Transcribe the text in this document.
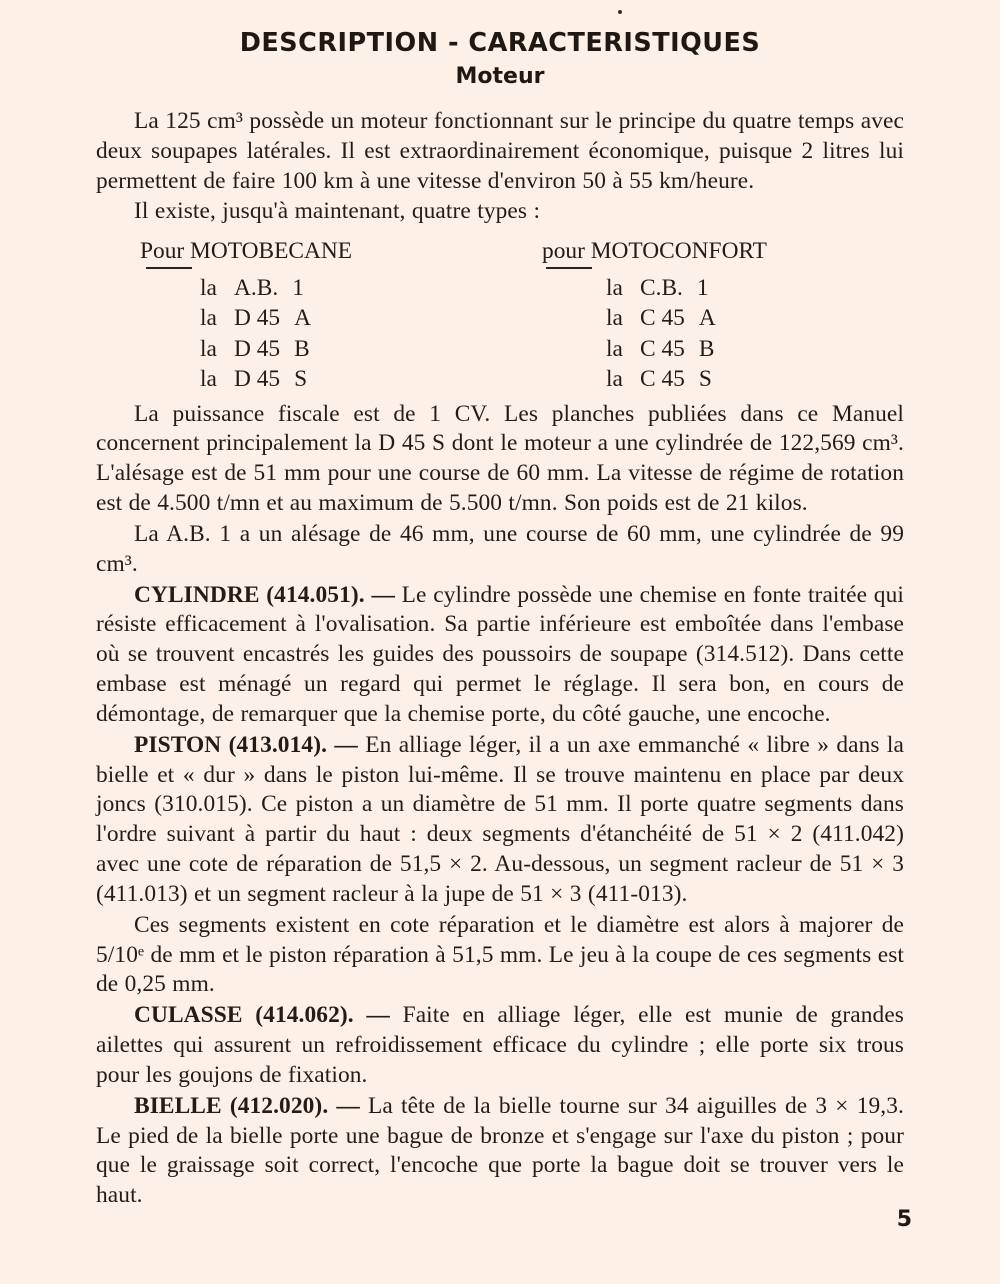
DESCRIPTION - CARACTERISTIQUES
Moteur

La 125 cm³ possède un moteur fonctionnant sur le principe du quatre temps avec deux soupapes latérales. Il est extraordinairement économique, puisque 2 litres lui permettent de faire 100 km à une vitesse d'environ 50 à 55 km/heure.

Il existe, jusqu'à maintenant, quatre types :

Pour MOTOBECANE	pour MOTOCONFORT
la A.B. 1	la C.B. 1
la D 45 A	la C 45 A
la D 45 B	la C 45 B
la D 45 S	la C 45 S

La puissance fiscale est de 1 CV. Les planches publiées dans ce Manuel concernent principalement la D 45 S dont le moteur a une cylindrée de 122,569 cm³. L'alésage est de 51 mm pour une course de 60 mm. La vitesse de régime de rotation est de 4.500 t/mn et au maximum de 5.500 t/mn. Son poids est de 21 kilos.

La A.B. 1 a un alésage de 46 mm, une course de 60 mm, une cylindrée de 99 cm³.

CYLINDRE (414.051). — Le cylindre possède une chemise en fonte traitée qui résiste efficacement à l'ovalisation. Sa partie inférieure est emboîtée dans l'embase où se trouvent encastrés les guides des poussoirs de soupape (314.512). Dans cette embase est ménagé un regard qui permet le réglage. Il sera bon, en cours de démontage, de remarquer que la chemise porte, du côté gauche, une encoche.

PISTON (413.014). — En alliage léger, il a un axe emmanché « libre » dans la bielle et « dur » dans le piston lui-même. Il se trouve maintenu en place par deux joncs (310.015). Ce piston a un diamètre de 51 mm. Il porte quatre segments dans l'ordre suivant à partir du haut : deux segments d'étanchéité de 51 × 2 (411.042) avec une cote de réparation de 51,5 × 2. Au-dessous, un segment racleur de 51 × 3 (411.013) et un segment racleur à la jupe de 51 × 3 (411-013).

Ces segments existent en cote réparation et le diamètre est alors à majorer de 5/10ᵉ de mm et le piston réparation à 51,5 mm. Le jeu à la coupe de ces segments est de 0,25 mm.

CULASSE (414.062). — Faite en alliage léger, elle est munie de grandes ailettes qui assurent un refroidissement efficace du cylindre ; elle porte six trous pour les goujons de fixation.

BIELLE (412.020). — La tête de la bielle tourne sur 34 aiguilles de 3 × 19,3. Le pied de la bielle porte une bague de bronze et s'engage sur l'axe du piston ; pour que le graissage soit correct, l'encoche que porte la bague doit se trouver vers le haut.

5
